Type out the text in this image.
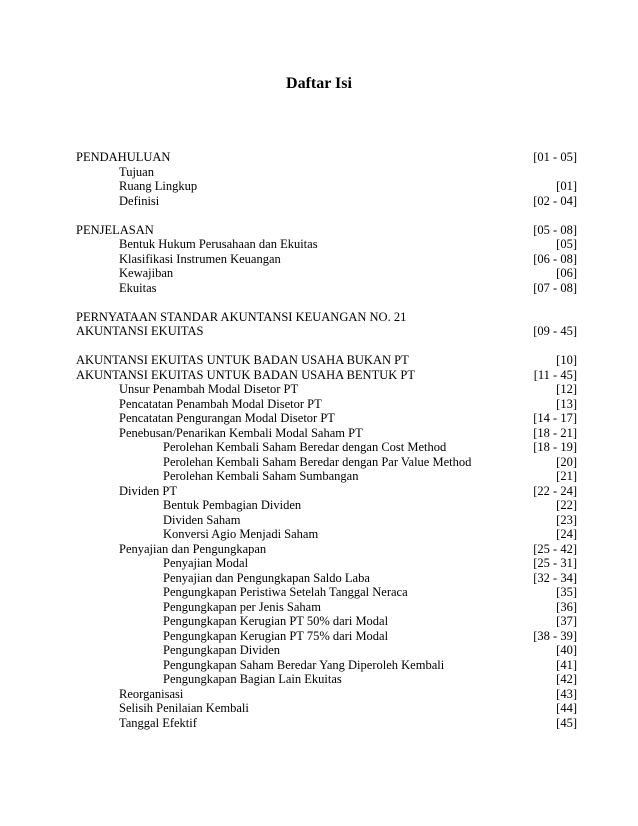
Daftar Isi
PENDAHULUAN	[01 - 05]
Tujuan
Ruang Lingkup	[01]
Definisi	[02 - 04]
PENJELASAN	[05 - 08]
Bentuk Hukum Perusahaan dan Ekuitas	[05]
Klasifikasi Instrumen Keuangan	[06 - 08]
Kewajiban	[06]
Ekuitas	[07 - 08]
PERNYATAAN STANDAR AKUNTANSI KEUANGAN NO. 21
AKUNTANSI EKUITAS	[09 - 45]
AKUNTANSI EKUITAS UNTUK BADAN USAHA BUKAN PT	[10]
AKUNTANSI EKUITAS UNTUK BADAN USAHA BENTUK PT	[11 - 45]
Unsur Penambah Modal Disetor PT	[12]
Pencatatan Penambah Modal Disetor PT	[13]
Pencatatan Pengurangan Modal Disetor PT	[14 - 17]
Penebusan/Penarikan Kembali Modal Saham PT	[18 - 21]
Perolehan Kembali Saham Beredar dengan Cost Method	[18 - 19]
Perolehan Kembali Saham Beredar dengan Par Value Method	[20]
Perolehan Kembali Saham Sumbangan	[21]
Dividen PT	[22 - 24]
Bentuk Pembagian Dividen	[22]
Dividen Saham	[23]
Konversi Agio Menjadi Saham	[24]
Penyajian dan Pengungkapan	[25 - 42]
Penyajian Modal	[25 - 31]
Penyajian dan Pengungkapan Saldo Laba	[32 - 34]
Pengungkapan Peristiwa Setelah Tanggal Neraca	[35]
Pengungkapan per Jenis Saham	[36]
Pengungkapan Kerugian PT 50% dari Modal	[37]
Pengungkapan Kerugian PT 75% dari Modal	[38 - 39]
Pengungkapan Dividen	[40]
Pengungkapan Saham Beredar Yang Diperoleh Kembali	[41]
Pengungkapan Bagian Lain Ekuitas	[42]
Reorganisasi	[43]
Selisih Penilaian Kembali	[44]
Tanggal Efektif	[45]
